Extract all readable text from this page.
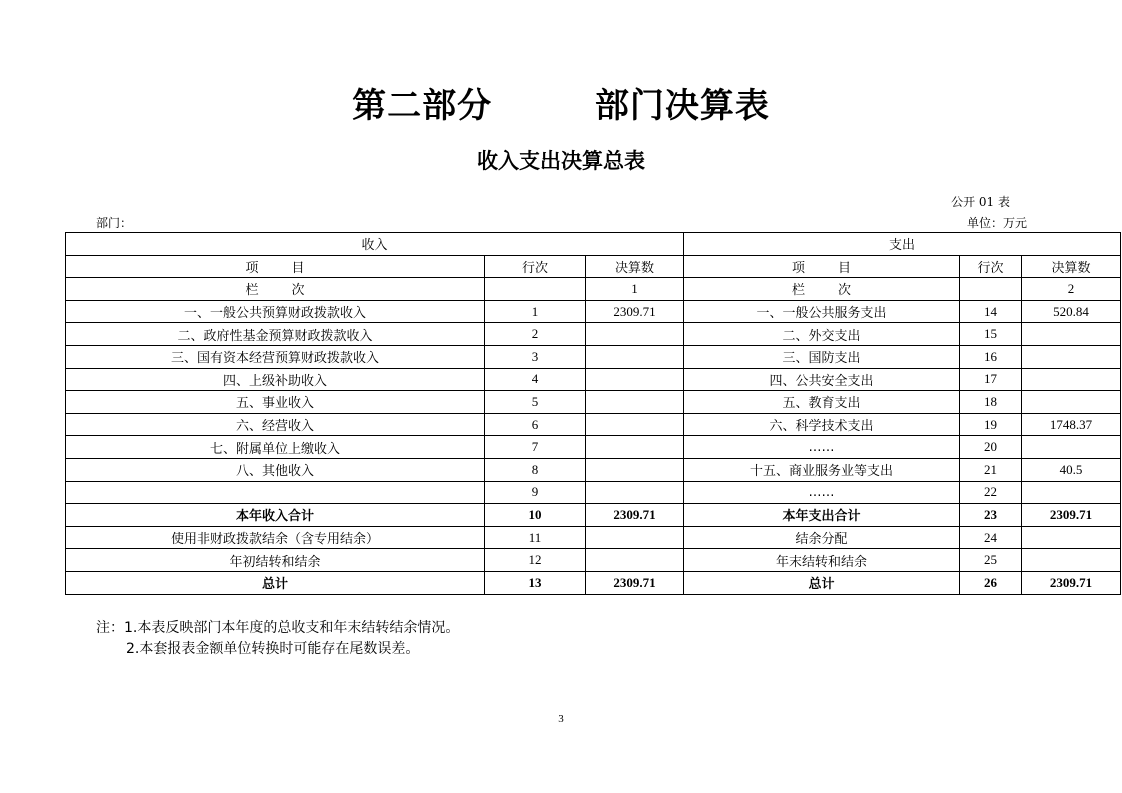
第二部分        部门决算表
收入支出决算总表
公开 01 表
部门：	单位：万元
收入			支出		
项        目	行次	决算数	项        目	行次	决算数
栏        次		1	栏        次		2
一、一般公共预算财政拨款收入	1	2309.71	一、一般公共服务支出	14	520.84
二、政府性基金预算财政拨款收入	2		二、外交支出	15	
三、国有资本经营预算财政拨款收入	3		三、国防支出	16	
四、上级补助收入	4		四、公共安全支出	17	
五、事业收入	5		五、教育支出	18	
六、经营收入	6		六、科学技术支出	19	1748.37
七、附属单位上缴收入	7		……	20	
八、其他收入	8		十五、商业服务业等支出	21	40.5
	9		……	22	
本年收入合计	10	2309.71	本年支出合计	23	2309.71
使用非财政拨款结余（含专用结余）	11		结余分配	24	
年初结转和结余	12		年末结转和结余	25	
总计	13	2309.71	总计	26	2309.71
注：1.本表反映部门本年度的总收支和年末结转结余情况。
2.本套报表金额单位转换时可能存在尾数误差。
3
